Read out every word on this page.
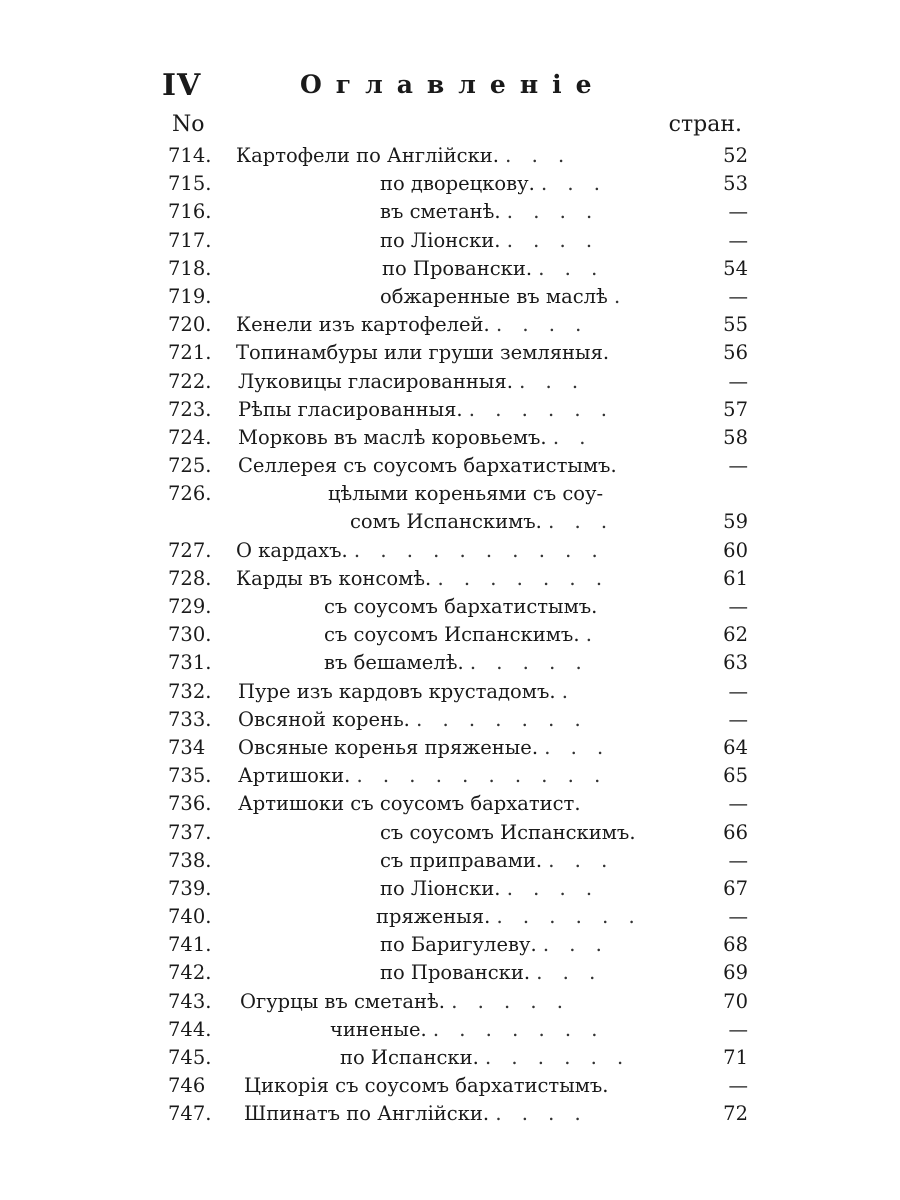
IV	Оглавленіе
No	стран.
714. Картофели по Англійски. . . .	52
715.	по дворецкову. . . .	53
716.	въ сметанѣ. . . . .	—
717.	по Ліонски. . . . .	—
718.	по Провански. . . .	54
719.	обжаренные въ маслѣ .	—
720. Кенели изъ картофелей. . . . .	55
721. Топинамбуры или груши земляныя.	56
722. Луковицы глacированныя. . . .	—
723. Рѣпы глacированныя. . . . . . .	57
724. Морковь въ маслѣ коровьемъ. . .	58
725. Селлерея съ соусомъ бархатистымъ.	—
726.	цѣлыми кореньями съ соу-
сомъ Испанскимъ. . . .	59
727. О кардахъ. . . . . . . . . . .	60
728. Карды въ консомѣ. . . . . . . .	61
729.	съ соусомъ бархатистымъ.	—
730.	съ соусомъ Испанскимъ. .	62
731.	въ бешамелѣ. . . . . .	63
732. Пуре изъ кардовъ крустадомъ. .	—
733. Овсяной корень. . . . . . . .	—
734 Овсяные коренья пряженые. . . .	64
735. Артишоки. . . . . . . . . . .	65
736. Артишоки съ соусомъ бархатист.	—
737.	съ соусомъ Испанскимъ.	66
738.	съ приправами. . . .	—
739.	по Ліонски. . . . .	67
740.	пряженыя. . . . . . .	—
741.	по Баригулеву. . . .	68
742.	по Провански. . . .	69
743. Огурцы въ сметанѣ. . . . . .	70
744.	чиненые. . . . . . . .	—
745.	по Испански. . . . . . .	71
746 Цикорія съ соусомъ бархатистымъ.	—
747. Шпинатъ по Англійски. . . . .	72
